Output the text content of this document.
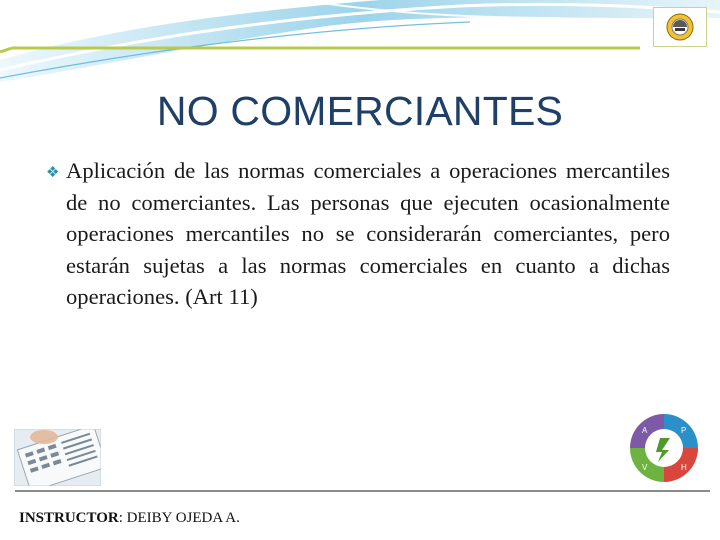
NO COMERCIANTES
❖ Aplicación de las normas comerciales a operaciones mercantiles de no comerciantes. Las personas que ejecuten ocasionalmente operaciones mercantiles no se considerarán comerciantes, pero estarán sujetas a las normas comerciales en cuanto a dichas operaciones. (Art 11)
A	P
V	H
INSTRUCTOR: DEIBY OJEDA A.
